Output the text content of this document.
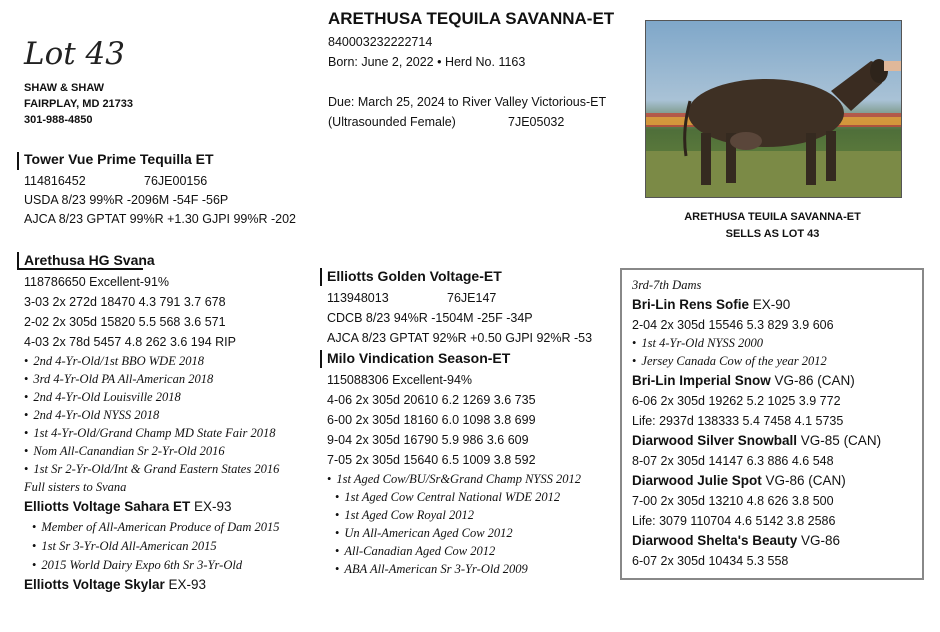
Lot 43
SHAW & SHAW
FAIRPLAY, MD 21733
301-988-4850
ARETHUSA TEQUILA SAVANNA-ET
840003232222714
Born: June 2, 2022 • Herd No. 1163
Due: March 25, 2024 to River Valley Victorious-ET
(Ultrasounded Female)	7JE05032
ARETHUSA TEUILA SAVANNA-ET
SELLS AS LOT 43
Tower Vue Prime Tequilla ET
114816452	76JE00156
USDA 8/23 99%R -2096M -54F -56P
AJCA 8/23 GPTAT 99%R +1.30 GJPI 99%R -202
Arethusa HG Svana
118786650 Excellent-91%
3-03 2x 272d 18470 4.3 791 3.7 678
2-02 2x 305d 15820 5.5 568 3.6 571
4-03 2x 78d 5457 4.8 262 3.6 194 RIP
• 2nd 4-Yr-Old/1st BBO WDE 2018
• 3rd 4-Yr-Old PA All-American 2018
• 2nd 4-Yr-Old Louisville 2018
• 2nd 4-Yr-Old NYSS 2018
• 1st 4-Yr-Old/Grand Champ MD State Fair 2018
• Nom All-Canandian Sr 2-Yr-Old 2016
• 1st Sr 2-Yr-Old/Int & Grand Eastern States 2016
Full sisters to Svana
Elliotts Voltage Sahara ET EX-93
• Member of All-American Produce of Dam 2015
• 1st Sr 3-Yr-Old All-American 2015
• 2015 World Dairy Expo 6th Sr 3-Yr-Old
Elliotts Voltage Skylar EX-93
Elliotts Golden Voltage-ET
113948013	76JE147
CDCB 8/23 94%R -1504M -25F -34P
AJCA 8/23 GPTAT 92%R +0.50 GJPI 92%R -53
Milo Vindication Season-ET
115088306 Excellent-94%
4-06 2x 305d 20610 6.2 1269 3.6 735
6-00 2x 305d 18160 6.0 1098 3.8 699
9-04 2x 305d 16790 5.9 986 3.6 609
7-05 2x 305d 15640 6.5 1009 3.8 592
• 1st Aged Cow/BU/Sr&Grand Champ NYSS 2012
• 1st Aged Cow Central National WDE 2012
• 1st Aged Cow Royal 2012
• Un All-American Aged Cow 2012
• All-Canadian Aged Cow 2012
• ABA All-American Sr 3-Yr-Old 2009
3rd-7th Dams
Bri-Lin Rens Sofie EX-90
2-04 2x 305d 15546 5.3 829 3.9 606
• 1st 4-Yr-Old NYSS 2000
• Jersey Canada Cow of the year 2012
Bri-Lin Imperial Snow VG-86 (CAN)
6-06 2x 305d 19262 5.2 1025 3.9 772
Life: 2937d 138333 5.4 7458 4.1 5735
Diarwood Silver Snowball VG-85 (CAN)
8-07 2x 305d 14147 6.3 886 4.6 548
Diarwood Julie Spot VG-86 (CAN)
7-00 2x 305d 13210 4.8 626 3.8 500
Life: 3079 110704 4.6 5142 3.8 2586
Diarwood Shelta's Beauty VG-86
6-07 2x 305d 10434 5.3 558
